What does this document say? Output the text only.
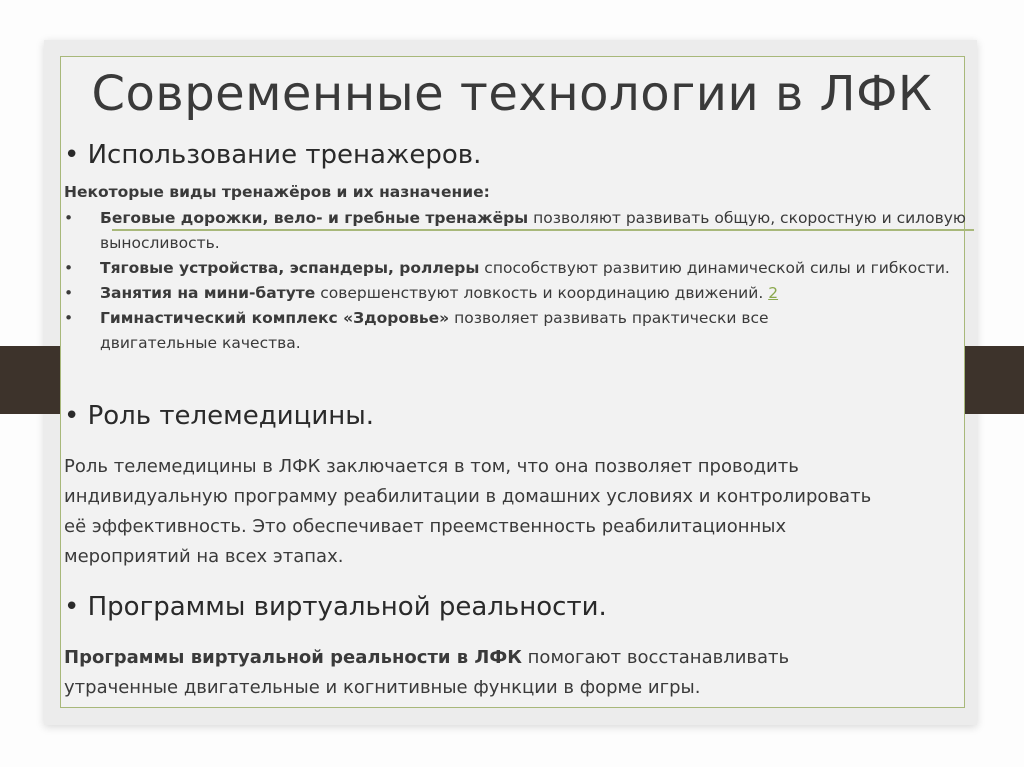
Современные технологии в ЛФК
• Использование тренажеров.
Некоторые виды тренажёров и их назначение:
•	Беговые дорожки, вело- и гребные тренажёры позволяют развивать общую, скоростную и силовую выносливость.
•	Тяговые устройства, эспандеры, роллеры способствуют развитию динамической силы и гибкости.
•	Занятия на мини-батуте совершенствуют ловкость и координацию движений. 2
•	Гимнастический комплекс «Здоровье» позволяет развивать практически все двигательные качества.
• Роль телемедицины.
Роль телемедицины в ЛФК заключается в том, что она позволяет проводить индивидуальную программу реабилитации в домашних условиях и контролировать её эффективность. Это обеспечивает преемственность реабилитационных мероприятий на всех этапах.
• Программы виртуальной реальности.
Программы виртуальной реальности в ЛФК помогают восстанавливать утраченные двигательные и когнитивные функции в форме игры.
